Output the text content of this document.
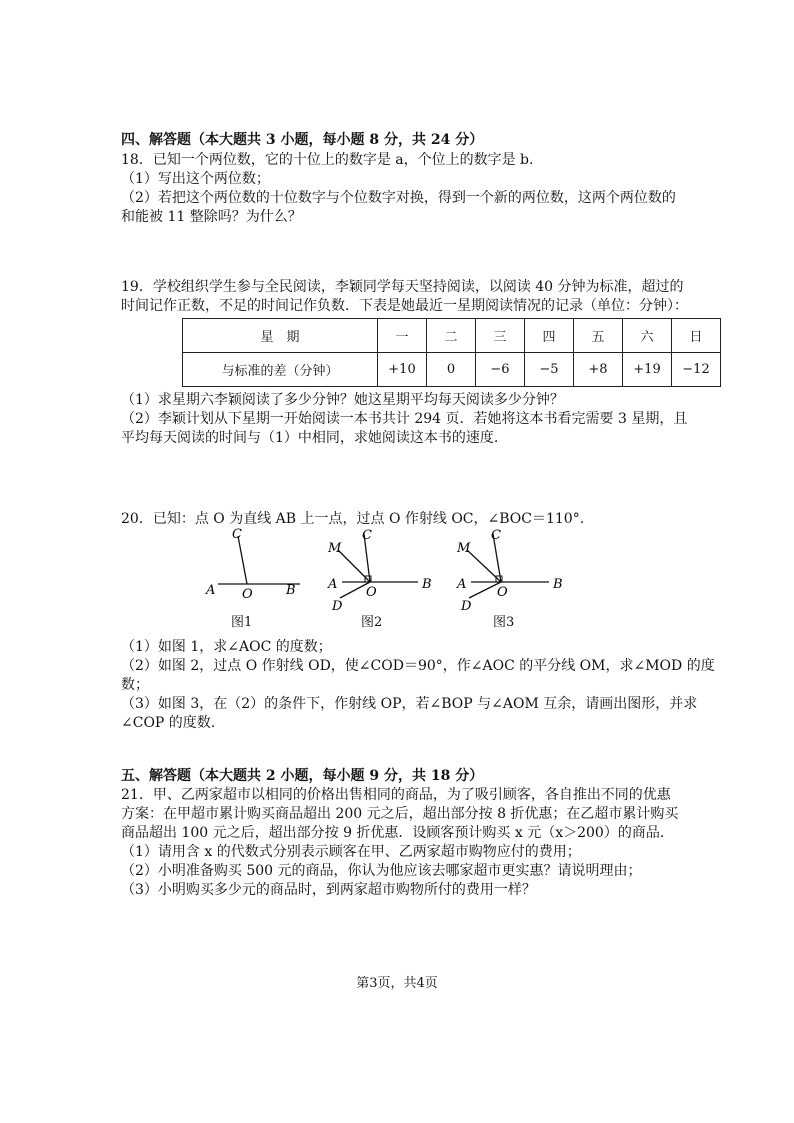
四、解答题（本大题共 3 小题，每小题 8 分，共 24 分）
18．已知一个两位数，它的十位上的数字是 a，个位上的数字是 b.
（1）写出这个两位数；
（2）若把这个两位数的十位数字与个位数字对换，得到一个新的两位数，这两个两位数的
和能被 11 整除吗？为什么？
19．学校组织学生参与全民阅读，李颖同学每天坚持阅读，以阅读 40 分钟为标准，超过的
时间记作正数，不足的时间记作负数．下表是她最近一星期阅读情况的记录（单位：分钟）：
星　期	一	二	三	四	五	六	日
与标准的差（分钟）	+10	0	−6	−5	+8	+19	−12
（1）求星期六李颖阅读了多少分钟？她这星期平均每天阅读多少分钟？
（2）李颖计划从下星期一开始阅读一本书共计 294 页．若她将这本书看完需要 3 星期，且
平均每天阅读的时间与（1）中相同，求她阅读这本书的速度.
20．已知：点 O 为直线 AB 上一点，过点 O 作射线 OC，∠BOC＝110°.
C
A O	B
图1
C
M
A
O
B
D
图2
C
M
A
O
B
D
图3
（1）如图 1，求∠AOC 的度数；
（2）如图 2，过点 O 作射线 OD，使∠COD＝90°，作∠AOC 的平分线 OM，求∠MOD 的度
数；
（3）如图 3，在（2）的条件下，作射线 OP，若∠BOP 与∠AOM 互余，请画出图形，并求
∠COP 的度数.
五、解答题（本大题共 2 小题，每小题 9 分，共 18 分）
21．甲、乙两家超市以相同的价格出售相同的商品，为了吸引顾客，各自推出不同的优惠
方案：在甲超市累计购买商品超出 200 元之后，超出部分按 8 折优惠；在乙超市累计购买
商品超出 100 元之后，超出部分按 9 折优惠．设顾客预计购买 x 元（x＞200）的商品.
（1）请用含 x 的代数式分别表示顾客在甲、乙两家超市购物应付的费用；
（2）小明准备购买 500 元的商品，你认为他应该去哪家超市更实惠？请说明理由；
（3）小明购买多少元的商品时，到两家超市购物所付的费用一样？
第3页，共4页
